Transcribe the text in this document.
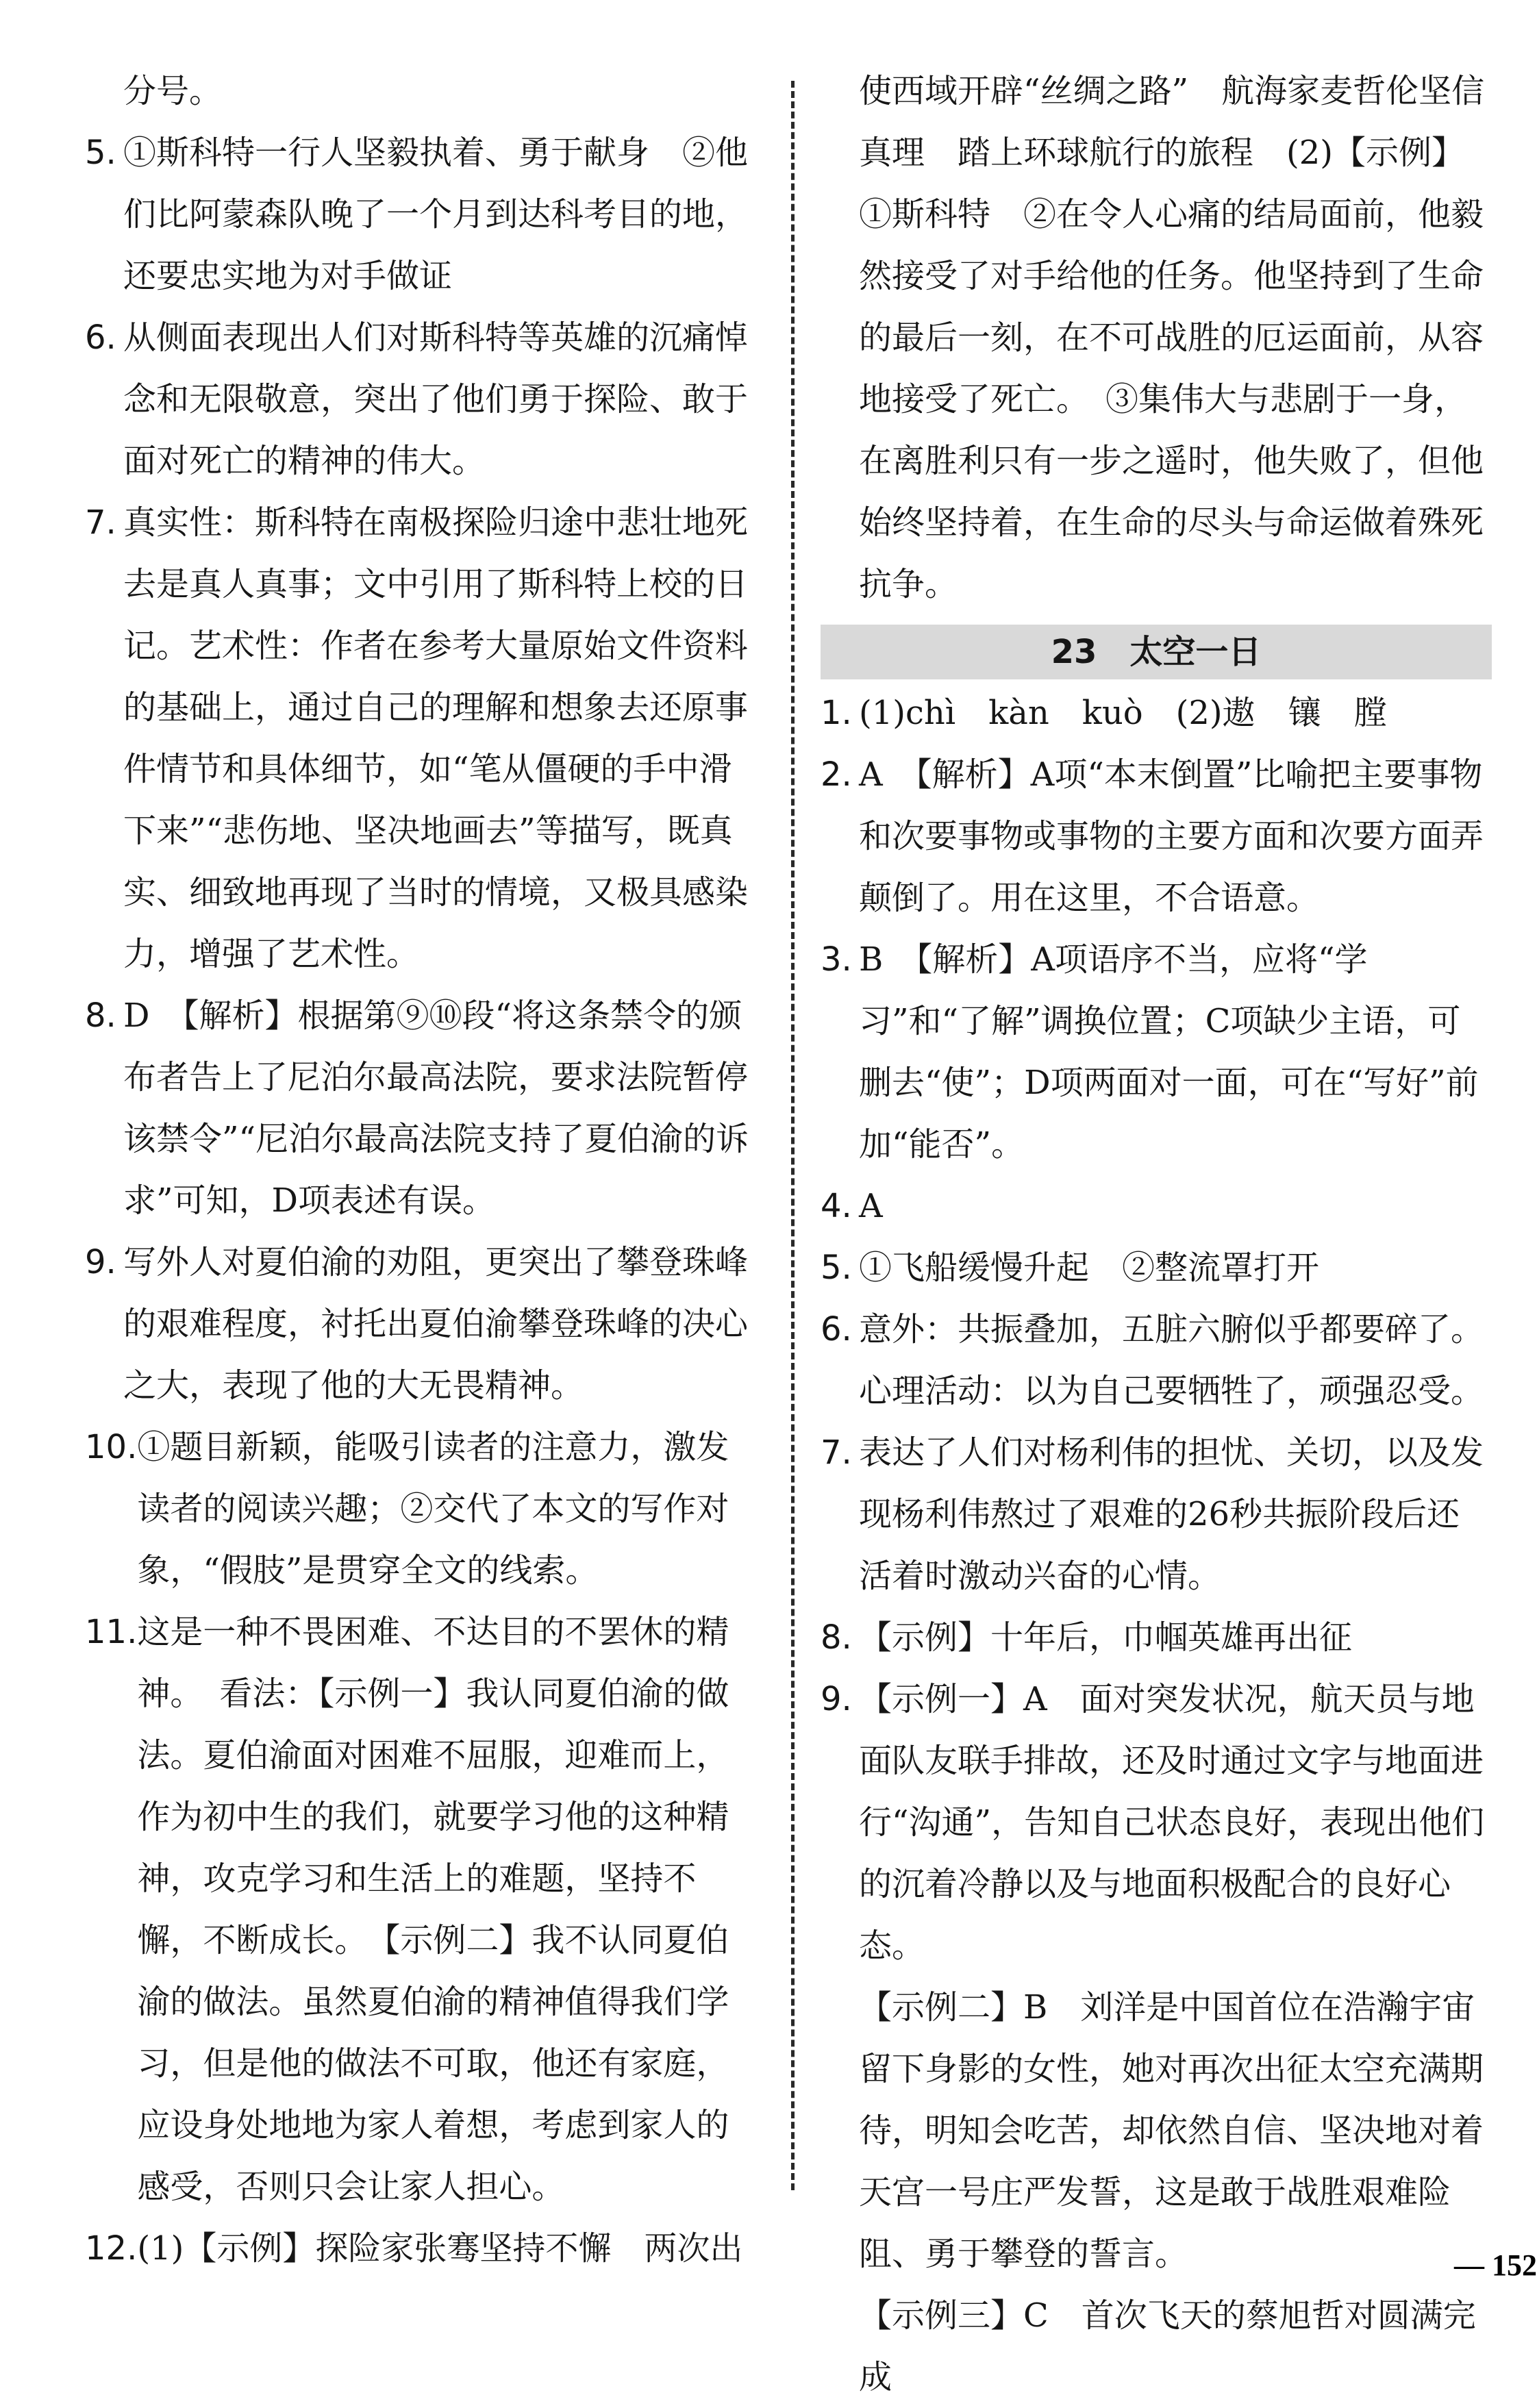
分号。
5. ①斯科特一行人坚毅执着、勇于献身　②他们比阿蒙森队晚了一个月到达科考目的地，还要忠实地为对手做证
6. 从侧面表现出人们对斯科特等英雄的沉痛悼念和无限敬意，突出了他们勇于探险、敢于面对死亡的精神的伟大。
7. 真实性：斯科特在南极探险归途中悲壮地死去是真人真事；文中引用了斯科特上校的日记。艺术性：作者在参考大量原始文件资料的基础上，通过自己的理解和想象去还原事件情节和具体细节，如“笔从僵硬的手中滑下来”“悲伤地、坚决地画去”等描写，既真实、细致地再现了当时的情境，又极具感染力，增强了艺术性。
8. D　【解析】根据第⑨⑩段“将这条禁令的颁布者告上了尼泊尔最高法院，要求法院暂停该禁令”“尼泊尔最高法院支持了夏伯渝的诉求”可知，D项表述有误。
9. 写外人对夏伯渝的劝阻，更突出了攀登珠峰的艰难程度，衬托出夏伯渝攀登珠峰的决心之大，表现了他的大无畏精神。
10. ①题目新颖，能吸引读者的注意力，激发读者的阅读兴趣；②交代了本文的写作对象，“假肢”是贯穿全文的线索。
11. 这是一种不畏困难、不达目的不罢休的精神。　看法：【示例一】我认同夏伯渝的做法。夏伯渝面对困难不屈服，迎难而上，作为初中生的我们，就要学习他的这种精神，攻克学习和生活上的难题，坚持不懈，不断成长。　【示例二】我不认同夏伯渝的做法。虽然夏伯渝的精神值得我们学习，但是他的做法不可取，他还有家庭，应设身处地地为家人着想，考虑到家人的感受，否则只会让家人担心。
12. (1)【示例】探险家张骞坚持不懈　两次出
使西域开辟“丝绸之路”　航海家麦哲伦坚信真理　踏上环球航行的旅程　(2)【示例】①斯科特　②在令人心痛的结局面前，他毅然接受了对手给他的任务。他坚持到了生命的最后一刻，在不可战胜的厄运面前，从容地接受了死亡。　③集伟大与悲剧于一身，在离胜利只有一步之遥时，他失败了，但他始终坚持着，在生命的尽头与命运做着殊死抗争。
23　太空一日
1. (1)chì　kàn　kuò　(2)遨　镶　膛
2. A　【解析】A项“本末倒置”比喻把主要事物和次要事物或事物的主要方面和次要方面弄颠倒了。用在这里，不合语意。
3. B　【解析】A项语序不当，应将“学习”和“了解”调换位置；C项缺少主语，可删去“使”；D项两面对一面，可在“写好”前加“能否”。
4. A
5. ①飞船缓慢升起　②整流罩打开
6. 意外：共振叠加，五脏六腑似乎都要碎了。心理活动：以为自己要牺牲了，顽强忍受。
7. 表达了人们对杨利伟的担忧、关切，以及发现杨利伟熬过了艰难的26秒共振阶段后还活着时激动兴奋的心情。
8. 【示例】十年后，巾帼英雄再出征
9. 【示例一】A　面对突发状况，航天员与地面队友联手排故，还及时通过文字与地面进行“沟通”，告知自己状态良好，表现出他们的沉着冷静以及与地面积极配合的良好心态。
【示例二】B　刘洋是中国首位在浩瀚宇宙留下身影的女性，她对再次出征太空充满期待，明知会吃苦，却依然自信、坚决地对着天宫一号庄严发誓，这是敢于战胜艰难险阻、勇于攀登的誓言。
【示例三】C　首次飞天的蔡旭哲对圆满完成
— 152
